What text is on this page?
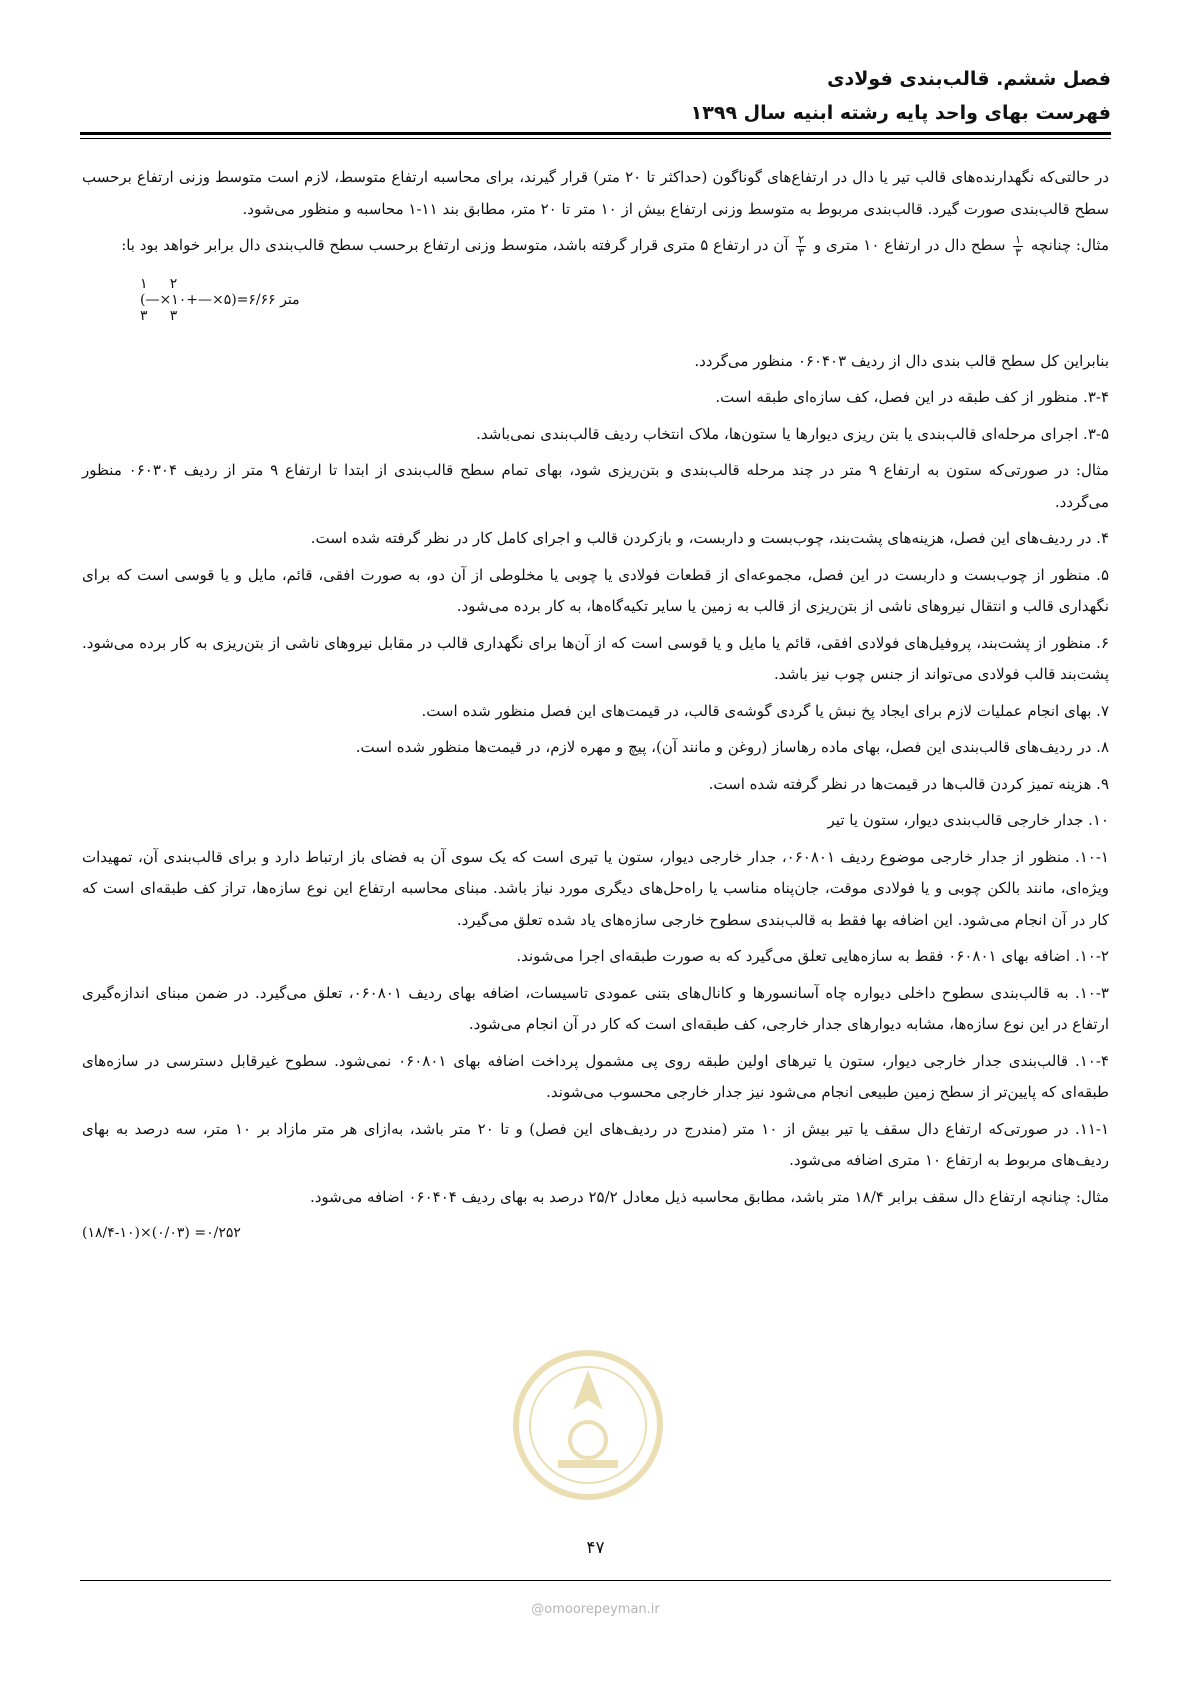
فصل ششم. قالب‌بندی فولادی

فهرست بهای واحد پایه رشته ابنیه سال ۱۳۹۹

در حالتی‌که نگهدارنده‌های قالب تیر یا دال در ارتفاع‌های گوناگون (حداکثر تا ۲۰ متر) قرار گیرند، برای محاسبه ارتفاع متوسط، لازم است متوسط وزنی ارتفاع برحسب سطح قالب‌بندی صورت گیرد. قالب‌بندی مربوط به متوسط وزنی ارتفاع بیش از ۱۰ متر تا ۲۰ متر، مطابق بند ۱۱-۱ محاسبه و منظور می‌شود.

مثال: چنانچه
$\frac{۱}{۳}$
سطح دال در ارتفاع ۱۰ متری و
$\frac{۲}{۳}$
آن در ارتفاع ۵ متری قرار گرفته باشد، متوسط وزنی ارتفاع برحسب سطح قالب‌بندی دال برابر خواهد بود با:

۱     ۲
(—×۱۰+—×۵)=۶/۶۶ متر
۳     ۳

بنابراین کل سطح قالب بندی دال از ردیف ۰۶۰۴۰۳ منظور می‌گردد.

۳-۴. منظور از کف طبقه در این فصل، کف سازه‌ای طبقه است.

۳-۵. اجرای مرحله‌ای قالب‌بندی یا بتن ریزی دیوارها یا ستون‌ها، ملاک انتخاب ردیف قالب‌بندی نمی‌باشد.

مثال: در صورتی‌که ستون به ارتفاع ۹ متر در چند مرحله قالب‌بندی و بتن‌ریزی شود، بهای تمام سطح قالب‌بندی از ابتدا تا ارتفاع ۹ متر از ردیف ۰۶۰۳۰۴ منظور می‌گردد.

۴. در ردیف‌های این فصل، هزینه‌های پشت‌بند، چوب‌بست و داربست، و بازکردن قالب و اجرای کامل کار در نظر گرفته شده است.

۵. منظور از چوب‌بست و داربست در این فصل، مجموعه‌ای از قطعات فولادی یا چوبی یا مخلوطی از آن دو، به صورت افقی، قائم، مایل و یا قوسی است که برای نگهداری قالب و انتقال نیروهای ناشی از بتن‌ریزی از قالب به زمین یا سایر تکیه‌گاه‌ها، به کار برده می‌شود.

۶. منظور از پشت‌بند، پروفیل‌های فولادی افقی، قائم یا مایل و یا قوسی است که از آن‌ها برای نگهداری قالب در مقابل نیروهای ناشی از بتن‌ریزی به کار برده می‌شود. پشت‌بند قالب فولادی می‌تواند از جنس چوب نیز باشد.

۷. بهای انجام عملیات لازم برای ایجاد پخ نبش یا گردی گوشه‌ی قالب، در قیمت‌های این فصل منظور شده است.

۸. در ردیف‌های قالب‌بندی این فصل، بهای ماده رهاساز (روغن و مانند آن)، پیچ و مهره لازم، در قیمت‌ها منظور شده است.

۹. هزینه تمیز کردن قالب‌ها در قیمت‌ها در نظر گرفته شده است.

۱۰. جدار خارجی قالب‌بندی دیوار، ستون یا تیر

۱۰-۱. منظور از جدار خارجی موضوع ردیف ۰۶۰۸۰۱، جدار خارجی دیوار، ستون یا تیری است که یک سوی آن به فضای باز ارتباط دارد و برای قالب‌بندی آن، تمهیدات ویژه‌ای، مانند بالکن چوبی و یا فولادی موقت، جان‌پناه مناسب یا راه‌حل‌های دیگری مورد نیاز باشد. مبنای محاسبه ارتفاع این نوع سازه‌ها، تراز کف طبقه‌ای است که کار در آن انجام می‌شود. این اضافه بها فقط به قالب‌بندی سطوح خارجی سازه‌های یاد شده تعلق می‌گیرد.

۱۰-۲. اضافه بهای ۰۶۰۸۰۱ فقط به سازه‌هایی تعلق می‌گیرد که به صورت طبقه‌ای اجرا می‌شوند.

۱۰-۳. به قالب‌بندی سطوح داخلی دیواره چاه آسانسورها و کانال‌های بتنی عمودی تاسیسات، اضافه بهای ردیف ۰۶۰۸۰۱، تعلق می‌گیرد. در ضمن مبنای اندازه‌گیری ارتفاع در این نوع سازه‌ها، مشابه دیوارهای جدار خارجی، کف طبقه‌ای است که کار در آن انجام می‌شود.

۱۰-۴. قالب‌بندی جدار خارجی دیوار، ستون یا تیرهای اولین طبقه روی پی مشمول پرداخت اضافه بهای ۰۶۰۸۰۱ نمی‌شود. سطوح غیرقابل دسترسی در سازه‌های طبقه‌ای که پایین‌تر از سطح زمین طبیعی انجام می‌شود نیز جدار خارجی محسوب می‌شوند.

۱۱-۱. در صورتی‌که ارتفاع دال سقف یا تیر بیش از ۱۰ متر (مندرج در ردیف‌های این فصل) و تا ۲۰ متر باشد، به‌ازای هر متر مازاد بر ۱۰ متر، سه درصد به بهای ردیف‌های مربوط به ارتفاع ۱۰ متری اضافه می‌شود.

مثال: چنانچه ارتفاع دال سقف برابر ۱۸/۴ متر باشد، مطابق محاسبه ذیل معادل ۲۵/۲ درصد به بهای ردیف ۰۶۰۴۰۴ اضافه می‌شود.

(۱۸/۴-۱۰)×(۰/۰۳) =۰/۲۵۲
۴۷
@omoorepeyman.ir
